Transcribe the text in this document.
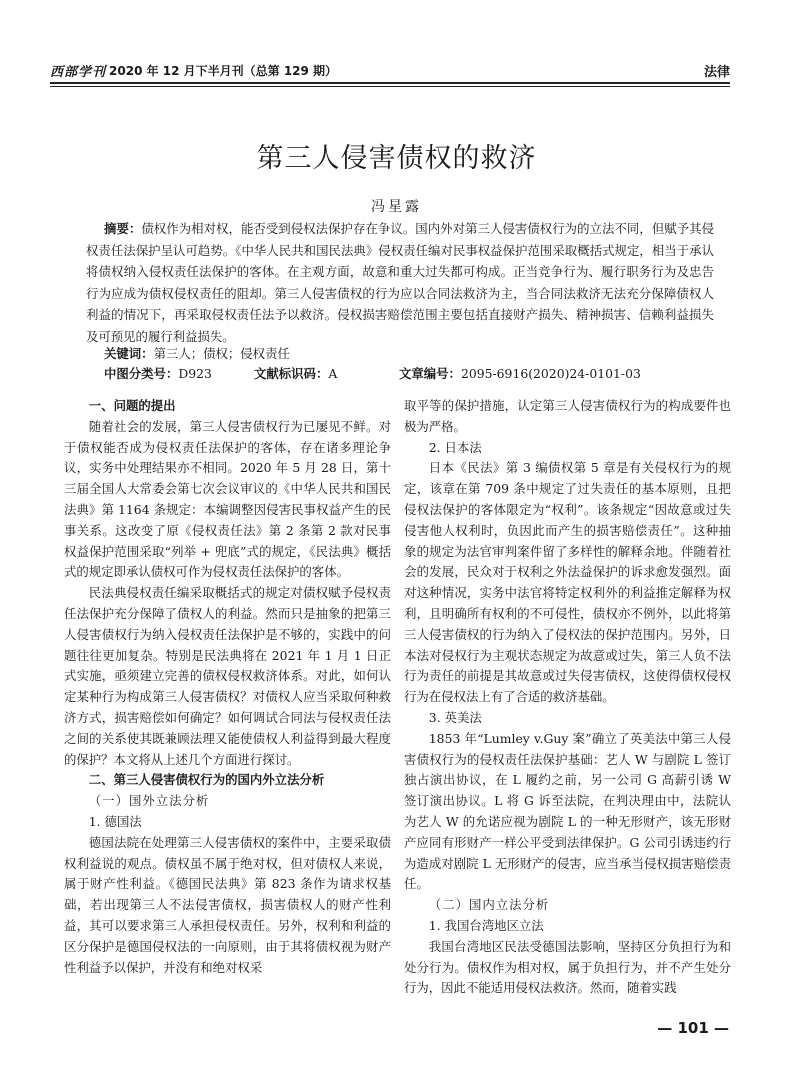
西部学刊 2020 年 12 月下半月刊（总第 129 期）	法律
第三人侵害债权的救济
冯星露
摘要：债权作为相对权，能否受到侵权法保护存在争议。国内外对第三人侵害债权行为的立法不同，但赋予其侵权责任法保护呈认可趋势。《中华人民共和国民法典》侵权责任编对民事权益保护范围采取概括式规定，相当于承认将债权纳入侵权责任法保护的客体。在主观方面，故意和重大过失都可构成。正当竞争行为、履行职务行为及忠告行为应成为债权侵权责任的阻却。第三人侵害债权的行为应以合同法救济为主，当合同法救济无法充分保障债权人利益的情况下，再采取侵权责任法予以救济。侵权损害赔偿范围主要包括直接财产损失、精神损害、信赖利益损失及可预见的履行利益损失。
关键词：第三人；债权；侵权责任
中图分类号：D923	文献标识码：A	文章编号：2095-6916(2020)24-0101-03
一、问题的提出

随着社会的发展，第三人侵害债权行为已屡见不鲜。对于债权能否成为侵权责任法保护的客体，存在诸多理论争议，实务中处理结果亦不相同。2020 年 5 月 28 日，第十三届全国人大常委会第七次会议审议的《中华人民共和国民法典》第 1164 条规定：本编调整因侵害民事权益产生的民事关系。这改变了原《侵权责任法》第 2 条第 2 款对民事权益保护范围采取“列举 + 兜底”式的规定，《民法典》概括式的规定即承认债权可作为侵权责任法保护的客体。

民法典侵权责任编采取概括式的规定对债权赋予侵权责任法保护充分保障了债权人的利益。然而只是抽象的把第三人侵害债权行为纳入侵权责任法保护是不够的，实践中的问题往往更加复杂。特别是民法典将在 2021 年 1 月 1 日正式实施，亟须建立完善的债权侵权救济体系。对此，如何认定某种行为构成第三人侵害债权？对债权人应当采取何种救济方式，损害赔偿如何确定？如何调试合同法与侵权责任法之间的关系使其既兼顾法理又能使债权人利益得到最大程度的保护？本文将从上述几个方面进行探讨。

二、第三人侵害债权行为的国内外立法分析
（一）国外立法分析

1. 德国法

德国法院在处理第三人侵害债权的案件中，主要采取债权利益说的观点。债权虽不属于绝对权，但对债权人来说，属于财产性利益。《德国民法典》第 823 条作为请求权基础，若出现第三人不法侵害债权，损害债权人的财产性利益，其可以要求第三人承担侵权责任。另外，权利和利益的区分保护是德国侵权法的一向原则，由于其将债权视为财产性利益予以保护，并没有和绝对权采

取平等的保护措施，认定第三人侵害债权行为的构成要件也极为严格。

2. 日本法

日本《民法》第 3 编债权第 5 章是有关侵权行为的规定，该章在第 709 条中规定了过失责任的基本原则，且把侵权法保护的客体限定为“权利”。该条规定“因故意或过失侵害他人权利时，负因此而产生的损害赔偿责任”。这种抽象的规定为法官审判案件留了多样性的解释余地。伴随着社会的发展，民众对于权利之外法益保护的诉求愈发强烈。面对这种情况，实务中法官将特定权利外的利益推定解释为权利，且明确所有权利的不可侵性，债权亦不例外，以此将第三人侵害债权的行为纳入了侵权法的保护范围内。另外，日本法对侵权行为主观状态规定为故意或过失，第三人负不法行为责任的前提是其故意或过失侵害债权，这使得债权侵权行为在侵权法上有了合适的救济基础。

3. 英美法

1853 年“Lumley v.Guy 案”确立了英美法中第三人侵害债权行为的侵权责任法保护基础：艺人 W 与剧院 L 签订独占演出协议，在 L 履约之前，另一公司 G 高薪引诱 W 签订演出协议。L 将 G 诉至法院，在判决理由中，法院认为艺人 W 的允诺应视为剧院 L 的一种无形财产，该无形财产应同有形财产一样公平受到法律保护。G 公司引诱违约行为造成对剧院 L 无形财产的侵害，应当承当侵权损害赔偿责任。

（二）国内立法分析

1. 我国台湾地区立法

我国台湾地区民法受德国法影响，坚持区分负担行为和处分行为。债权作为相对权，属于负担行为，并不产生处分行为，因此不能适用侵权法救济。然而，随着实践

— 101 —
